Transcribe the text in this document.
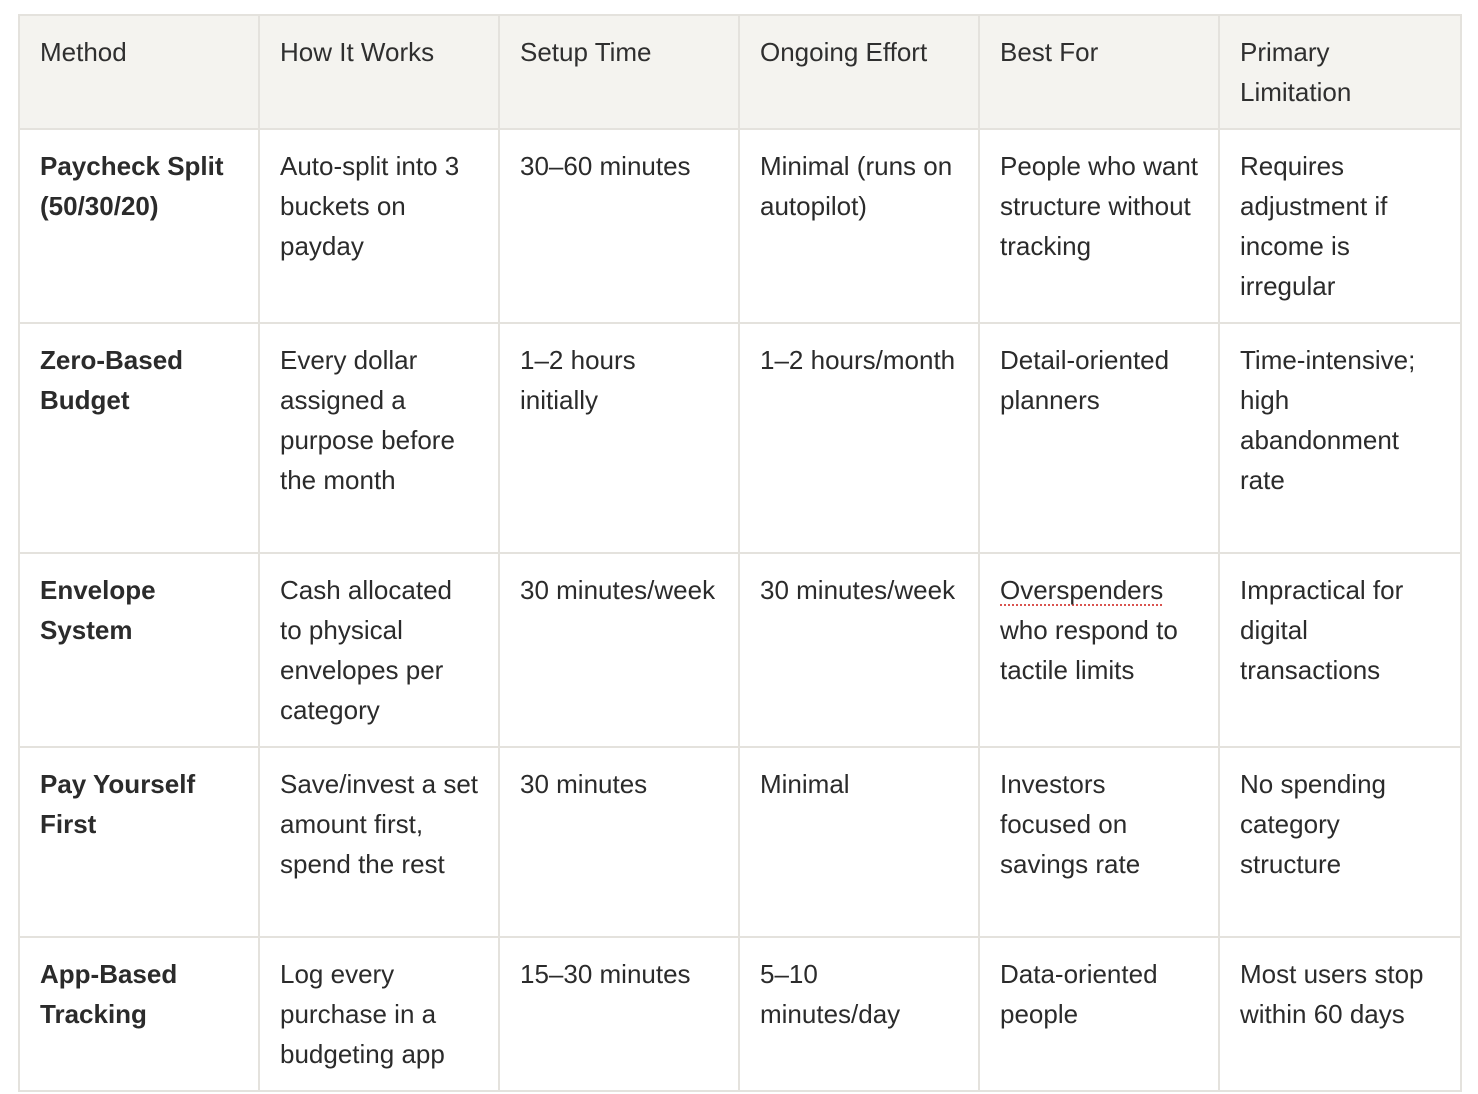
Method	How It Works	Setup Time	Ongoing Effort	Best For	Primary Limitation
Paycheck Split (50/30/20)	Auto-split into 3 buckets on payday	30–60 minutes	Minimal (runs on autopilot)	People who want structure without tracking	Requires adjustment if income is irregular
Zero-Based Budget	Every dollar assigned a purpose before the month	1–2 hours initially	1–2 hours/month	Detail-oriented planners	Time-intensive; high abandonment rate
Envelope System	Cash allocated to physical envelopes per category	30 minutes/week	30 minutes/week	Overspenders who respond to tactile limits	Impractical for digital transactions
Pay Yourself First	Save/invest a set amount first, spend the rest	30 minutes	Minimal	Investors focused on savings rate	No spending category structure
App-Based Tracking	Log every purchase in a budgeting app	15–30 minutes	5–10 minutes/day	Data-oriented people	Most users stop within 60 days
